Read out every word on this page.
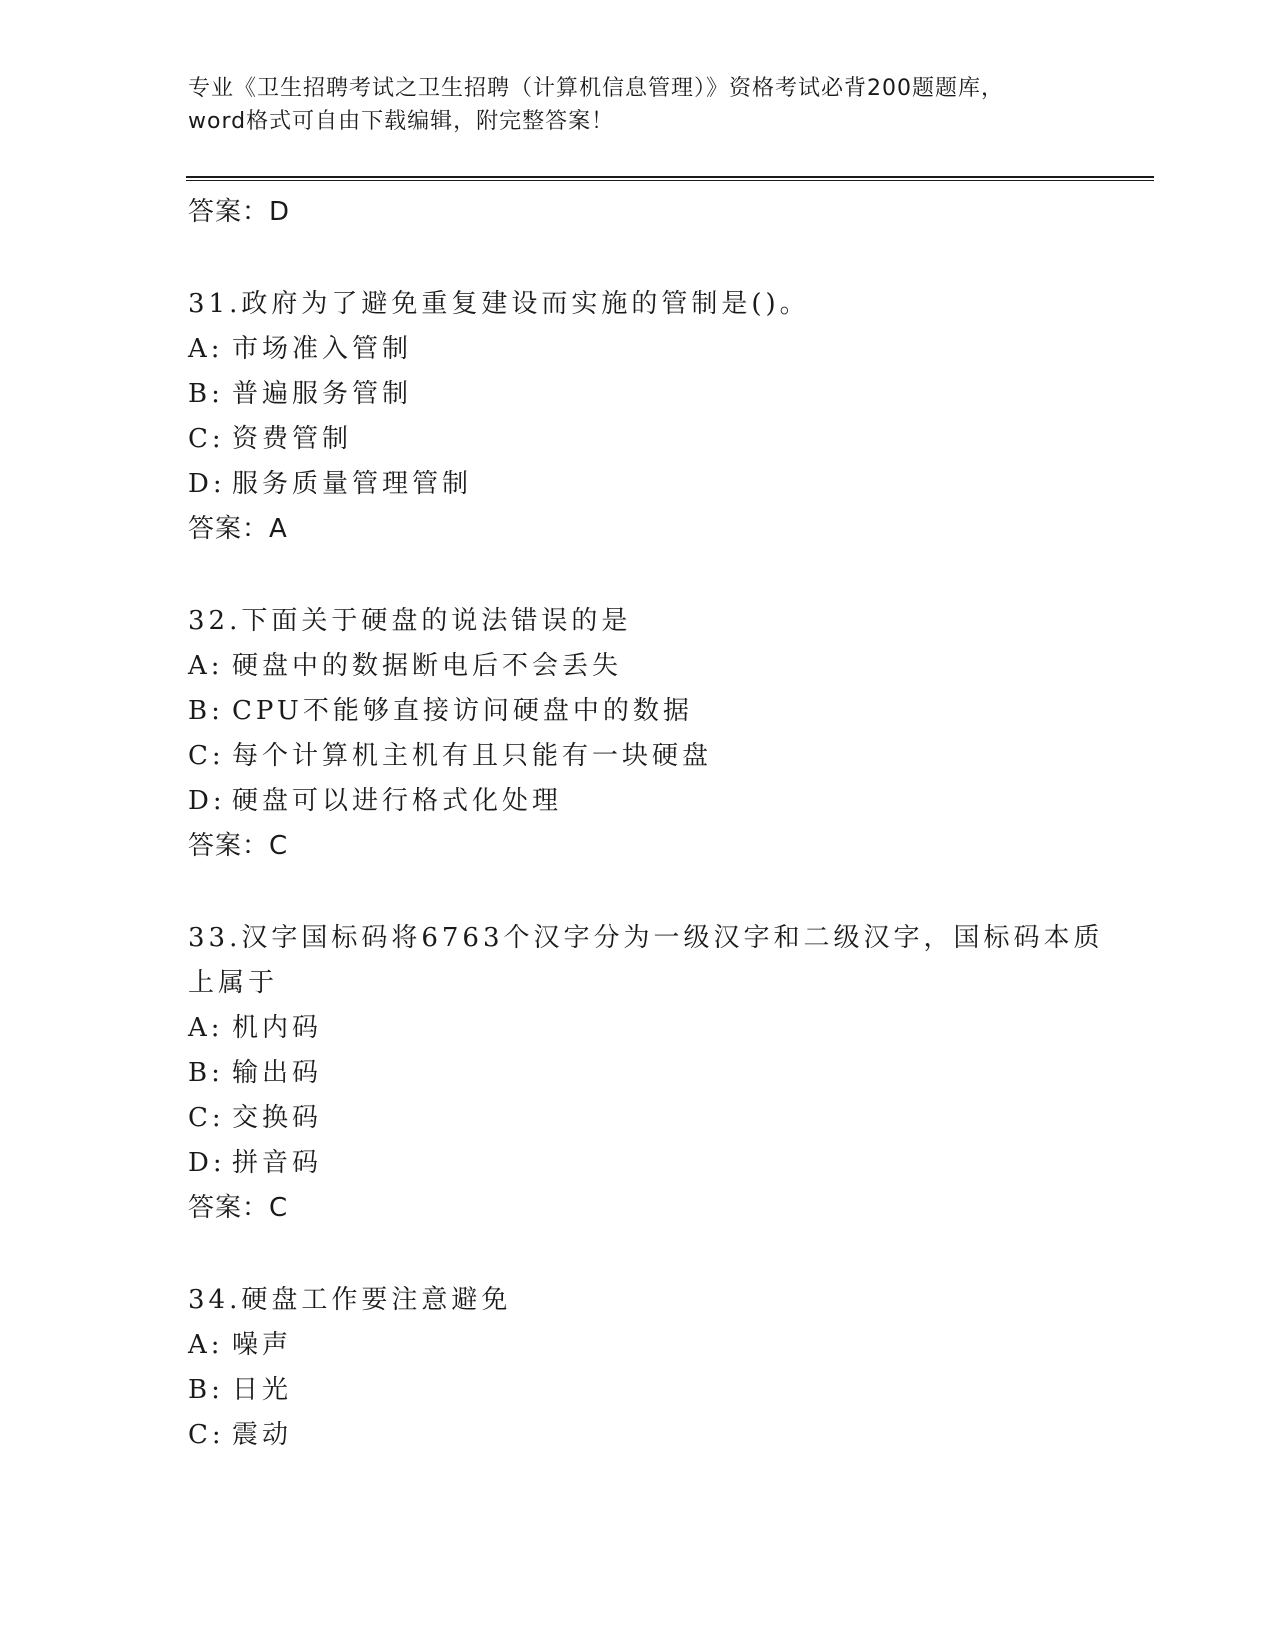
专业《卫生招聘考试之卫生招聘（计算机信息管理）》资格考试必背200题题库，
word格式可自由下载编辑，附完整答案！
答案：D
31.政府为了避免重复建设而实施的管制是()。
A: 市场准入管制
B: 普遍服务管制
C: 资费管制
D: 服务质量管理管制
答案：A
32.下面关于硬盘的说法错误的是
A: 硬盘中的数据断电后不会丢失
B: CPU不能够直接访问硬盘中的数据
C: 每个计算机主机有且只能有一块硬盘
D: 硬盘可以进行格式化处理
答案：C
33.汉字国标码将6763个汉字分为一级汉字和二级汉字，国标码本质上属于
A: 机内码
B: 输出码
C: 交换码
D: 拼音码
答案：C
34.硬盘工作要注意避免
A: 噪声
B: 日光
C: 震动
